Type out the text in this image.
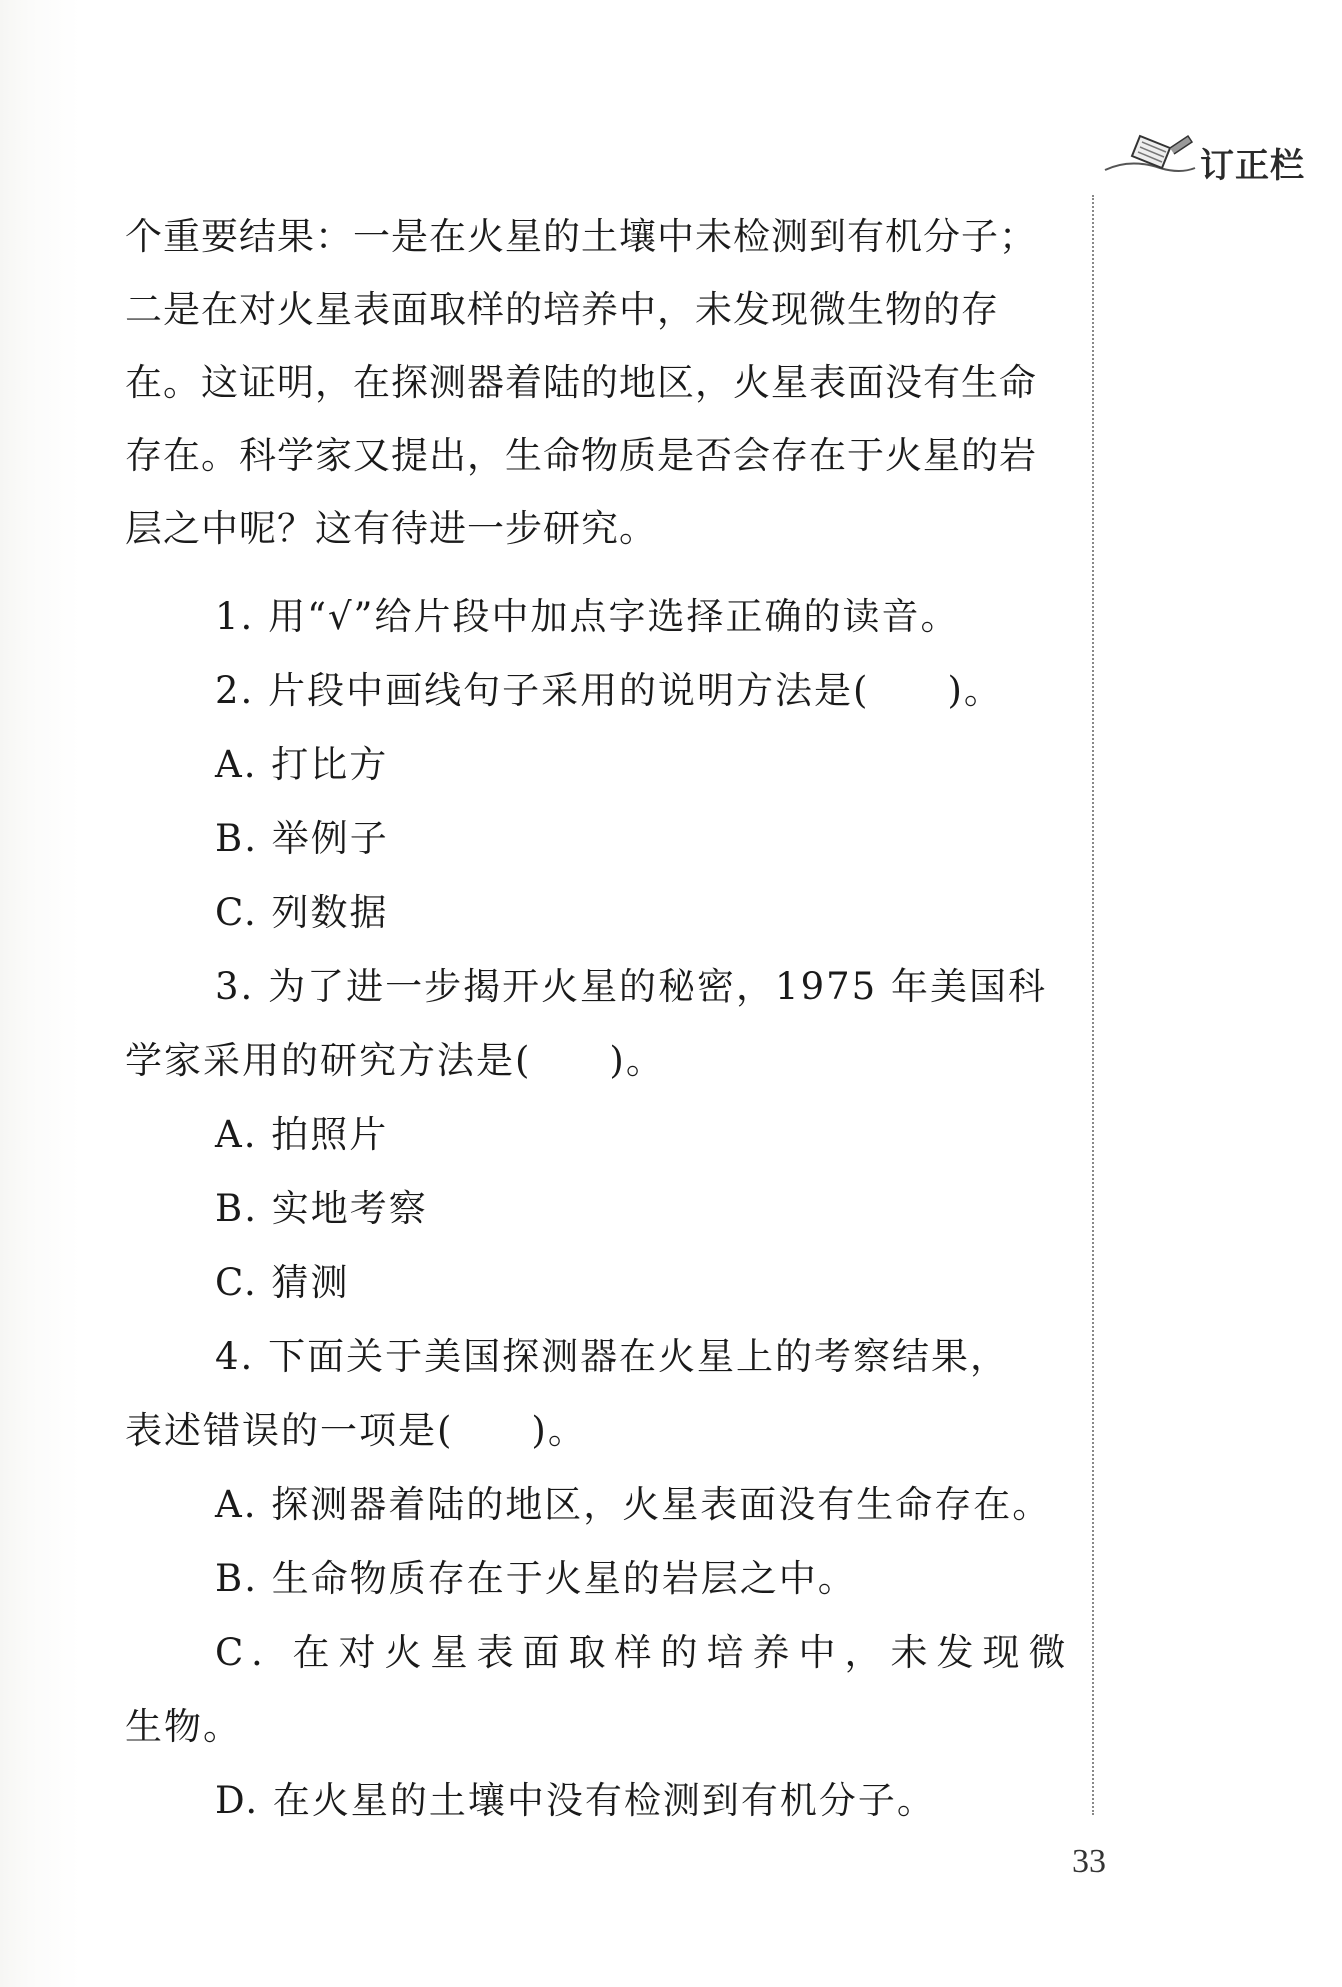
订正栏

个重要结果：一是在火星的土壤中未检测到有机分子；

二是在对火星表面取样的培养中，未发现微生物的存

在。这证明，在探测器着陆的地区，火星表面没有生命

存在。科学家又提出，生命物质是否会存在于火星的岩

层之中呢？这有待进一步研究。

1. 用“√”给片段中加点字选择正确的读音。

2. 片段中画线句子采用的说明方法是(　　)。

A. 打比方

B. 举例子

C. 列数据

3. 为了进一步揭开火星的秘密，1975 年美国科

学家采用的研究方法是(　　)。

A. 拍照片

B. 实地考察

C. 猜测

4. 下面关于美国探测器在火星上的考察结果，

表述错误的一项是(　　)。

A. 探测器着陆的地区，火星表面没有生命存在。

B. 生命物质存在于火星的岩层之中。

C. 在对火星表面取样的培养中，未发现微

生物。

D. 在火星的土壤中没有检测到有机分子。

33
